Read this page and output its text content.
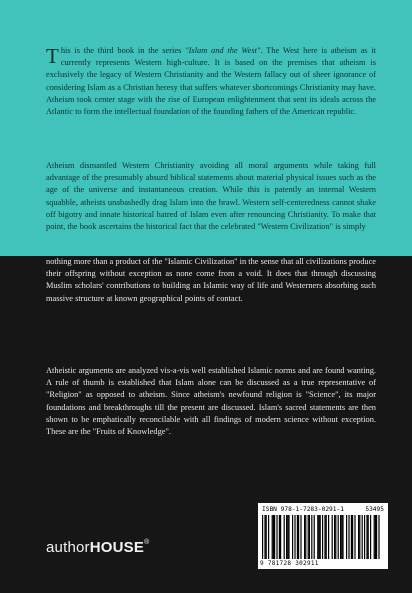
This is the third book in the series "Islam and the West". The West here is atheism as it currently represents Western high-culture. It is based on the premises that atheism is exclusively the legacy of Western Christianity and the Western fallacy out of sheer ignorance of considering Islam as a Christian heresy that suffers whatever shortcomings Christianity may have. Atheism took center stage with the rise of European enlightenment that sent its ideals across the Atlantic to form the intellectual foundation of the founding fathers of the American republic.

Atheism dismantled Western Christianity avoiding all moral arguments while taking full advantage of the presumably absurd biblical statements about material physical issues such as the age of the universe and instantaneous creation. While this is patently an internal Western squabble, atheists unabashedly drag Islam into the brawl. Western self-centeredness cannot shake off bigotry and innate historical hatred of Islam even after renouncing Christianity. To make that point, the book ascertains the historical fact that the celebrated "Western Civilization" is simply

nothing more than a product of the "Islamic Civilization" in the sense that all civilizations produce their offspring without exception as none come from a void. It does that through discussing Muslim scholars' contributions to building an Islamic way of life and Westerners absorbing such massive structure at known geographical points of contact.

Atheistic arguments are analyzed vis-a-vis well established Islamic norms and are found wanting. A rule of thumb is established that Islam alone can be discussed as a true representative of "Religion" as opposed to atheism. Since atheism's newfound religion is "Science", its major foundations and breakthroughs till the present are discussed. Islam's sacred statements are then shown to be emphatically reconcilable with all findings of modern science without exception. These are the "Fruits of Knowledge".

authorHOUSE®
ISBN 978-1-7283-0291-1	53495
9 781728 302911
